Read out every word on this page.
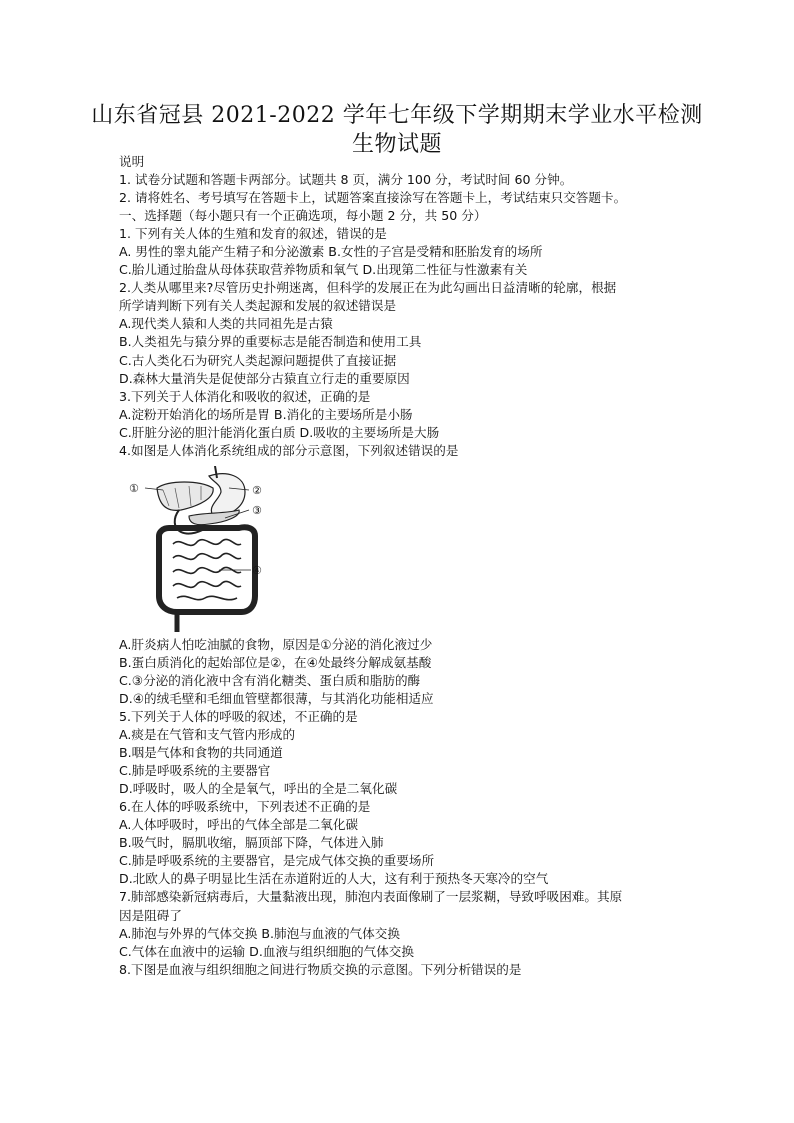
山东省冠县 2021-2022 学年七年级下学期期末学业水平检测
生物试题
说明
1. 试卷分试题和答题卡两部分。试题共 8 页，满分 100 分，考试时间 60 分钟。
2. 请将姓名、考号填写在答题卡上，试题答案直接涂写在答题卡上，考试结束只交答题卡。
一、选择题（每小题只有一个正确选项，每小题 2 分，共 50 分）
1. 下列有关人体的生殖和发育的叙述，错误的是
A. 男性的睾丸能产生精子和分泌激素 B.女性的子宫是受精和胚胎发育的场所
C.胎儿通过胎盘从母体获取营养物质和氧气 D.出现第二性征与性激素有关
2.人类从哪里来?尽管历史扑朔迷离，但科学的发展正在为此勾画出日益清晰的轮廓，根据
所学请判断下列有关人类起源和发展的叙述错误是
A.现代类人猿和人类的共同祖先是古猿
B.人类祖先与猿分界的重要标志是能否制造和使用工具
C.古人类化石为研究人类起源问题提供了直接证据
D.森林大量消失是促使部分古猿直立行走的重要原因
3.下列关于人体消化和吸收的叙述，正确的是
A.淀粉开始消化的场所是胃 B.消化的主要场所是小肠
C.肝脏分泌的胆汁能消化蛋白质 D.吸收的主要场所是大肠
4.如图是人体消化系统组成的部分示意图，下列叙述错误的是
①	②
③
④
A.肝炎病人怕吃油腻的食物，原因是①分泌的消化液过少
B.蛋白质消化的起始部位是②，在④处最终分解成氨基酸
C.③分泌的消化液中含有消化糖类、蛋白质和脂肪的酶
D.④的绒毛壁和毛细血管壁都很薄，与其消化功能相适应
5.下列关于人体的呼吸的叙述，不正确的是
A.痰是在气管和支气管内形成的
B.咽是气体和食物的共同通道
C.肺是呼吸系统的主要器官
D.呼吸时，吸人的全是氧气，呼出的全是二氧化碳
6.在人体的呼吸系统中，下列表述不正确的是
A.人体呼吸时，呼出的气体全部是二氧化碳
B.吸气时，膈肌收缩，膈顶部下降，气体进入肺
C.肺是呼吸系统的主要器官，是完成气体交换的重要场所
D.北欧人的鼻子明显比生活在赤道附近的人大，这有利于预热冬天寒冷的空气
7.肺部感染新冠病毒后，大量黏液出现，肺泡内表面像刷了一层浆糊，导致呼吸困难。其原
因是阻碍了
A.肺泡与外界的气体交换 B.肺泡与血液的气体交换
C.气体在血液中的运输 D.血液与组织细胞的气体交换
8.下图是血液与组织细胞之间进行物质交换的示意图。下列分析错误的是
